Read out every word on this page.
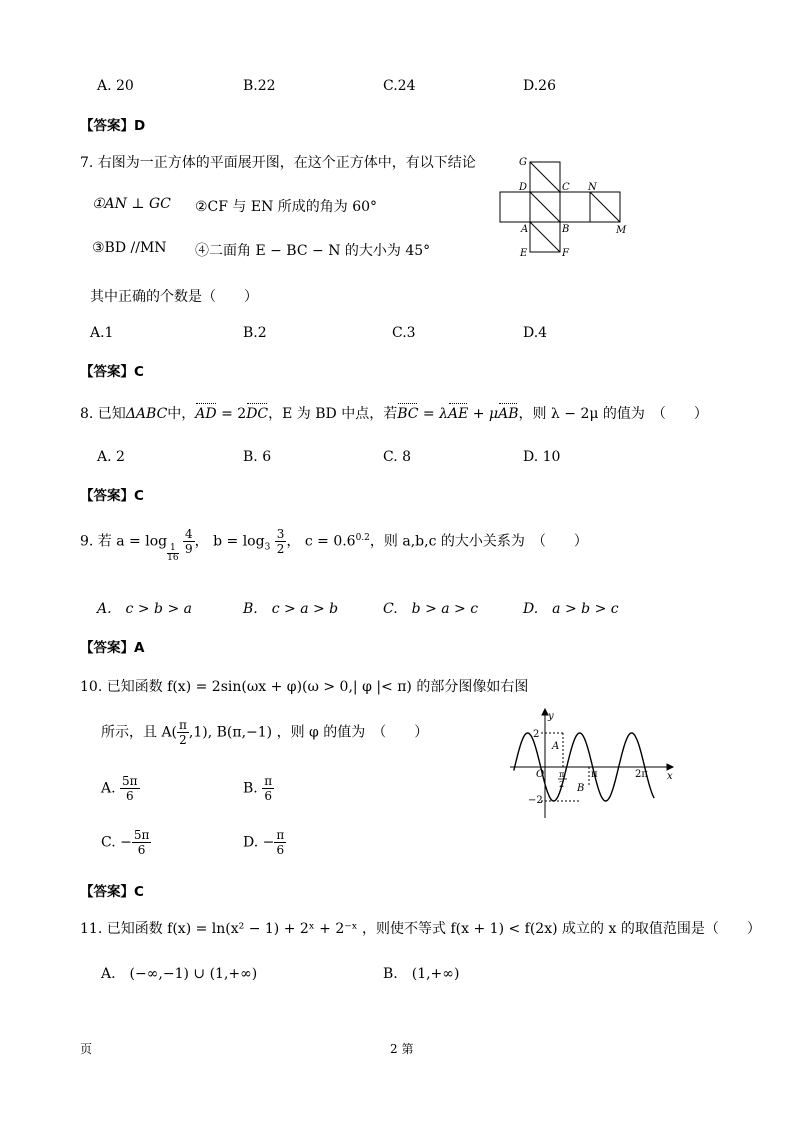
A. 20	B.22	C.24	D.26
【答案】D
7. 右图为一正方体的平面展开图，在这个正方体中，有以下结论
①AN ⊥ GC ②CF 与 EN 所成的角为 60°
③BD //MN ④二面角 E − BC − N 的大小为 45°
其中正确的个数是（　　）
A.1	B.2	C.3	D.4
【答案】C
G
D	C N
A	B	M
E	F
8. 已知ΔABC中，AD = 2DC，E 为 BD 中点，若BC = λAE + μAB，则 λ − 2μ 的值为　（　　）
A. 2	B. 6	C. 8	D. 10
【答案】C
9. 若 a = log
$\frac{1}{16}$
$\frac{4}{9}$ ， $b = \log_3 \frac{3}{2}$ ， $c = 0.6^{0.2}$，则 a,b,c 的大小关系为　（　　）
A.　c > b > a	B.　c > a > b	C.　b > a > c	D.　a > b > c
【答案】A
10. 已知函数 f(x) = 2sin(ωx + φ)(ω > 0,| φ |< π) 的部分图像如右图
所示，且 $A( \frac{\pi}{2} ,1)$, B(π,−1) ，则 φ 的值为　（　　）
A. $\frac{5\pi}{6}$	B. $\frac{\pi}{6}$
C. − $\frac{5\pi}{6}$	D. − $\frac{\pi}{6}$
【答案】C
y
x
2
−2
O π
2
π	2π
A
B
11. 已知函数 f(x) = ln(x² − 1) + 2ˣ + 2⁻ˣ ，则使不等式 f(x + 1) < f(2x) 成立的 x 的取值范围是（　　）
A.　(−∞,−1) ∪ (1,+∞)	B.　(1,+∞)
页	2 第
